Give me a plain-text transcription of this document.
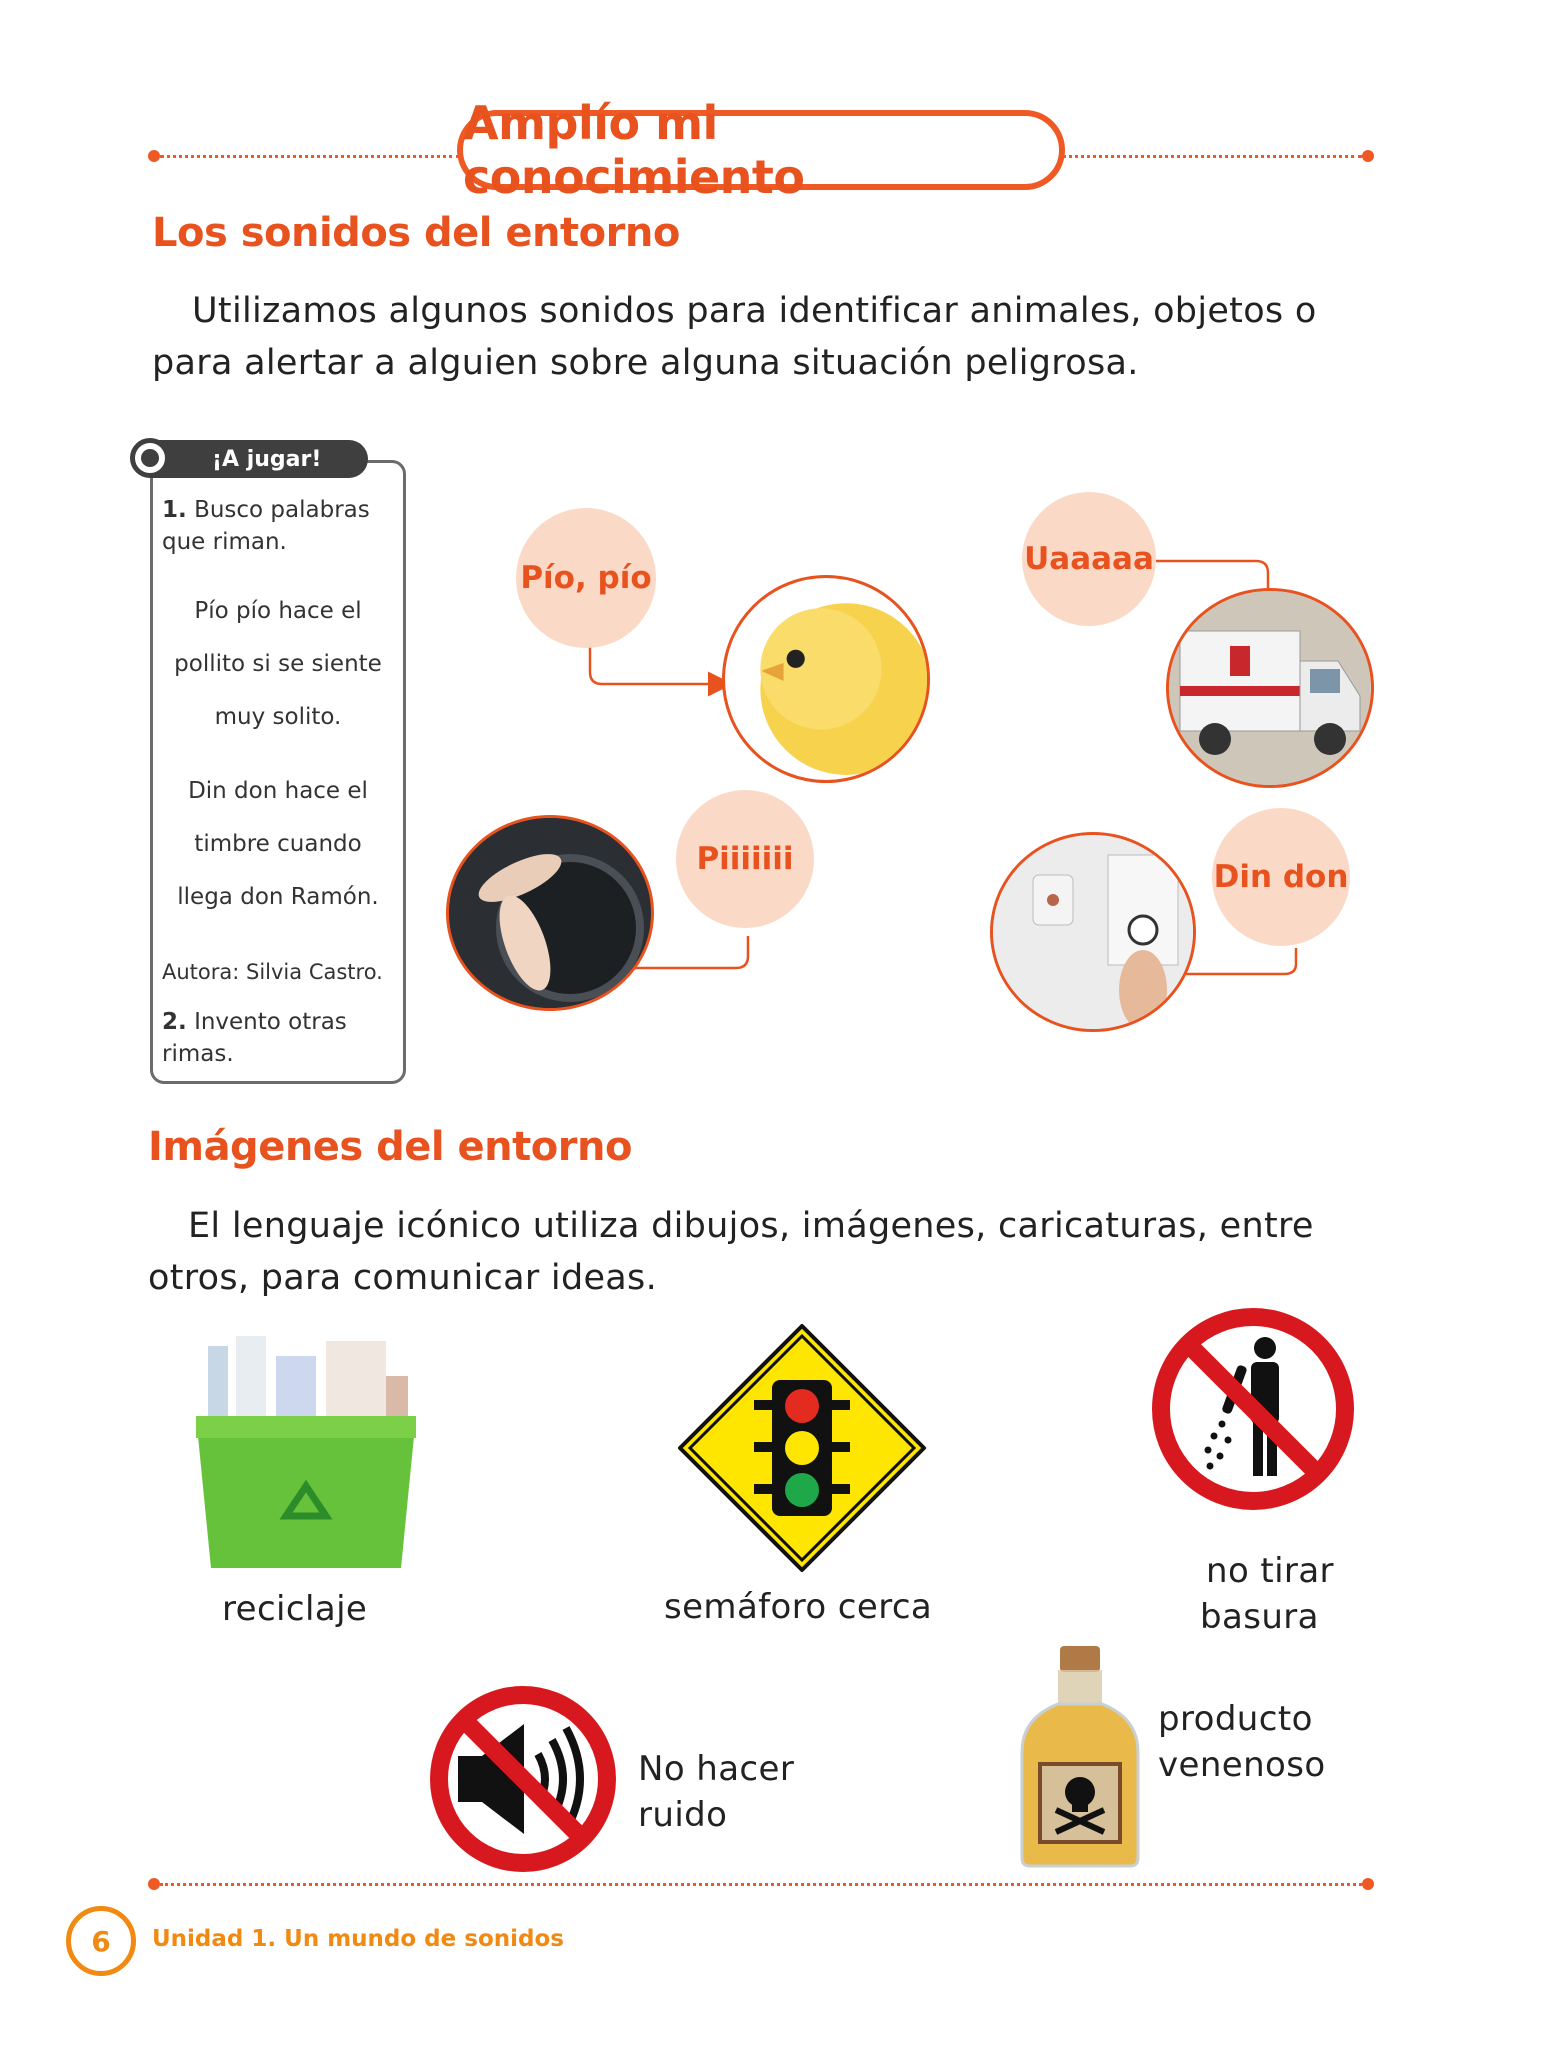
Amplío mi conocimiento
Los sonidos del entorno

Utilizamos algunos sonidos para identificar animales, objetos o para alertar a alguien sobre alguna situación peligrosa.

¡A jugar!
1. Busco palabras que riman.
Pío pío hace el
pollito si se siente
muy solito.
Din don hace el
timbre cuando
llega don Ramón.
Autora: Silvia Castro.
2. Invento otras rimas.
Pío, pío
Uaaaaa
Piiiiiii	Din don
Imágenes del entorno

El lenguaje icónico utiliza dibujos, imágenes, caricaturas, entre otros, para comunicar ideas.

reciclaje	semáforo cerca
no tirar
basura
No hacer
ruido
producto
venenoso
6	Unidad 1. Un mundo de sonidos
